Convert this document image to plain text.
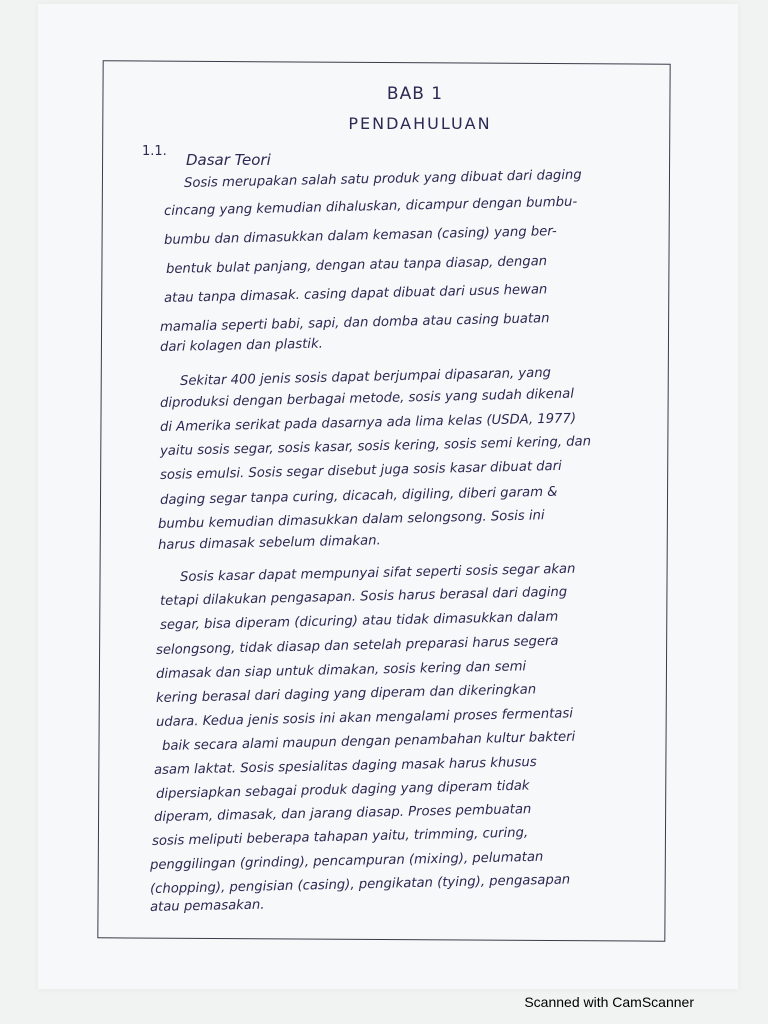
BAB 1
PENDAHULUAN
1.1. Dasar Teori
Sosis merupakan salah satu produk yang dibuat dari daging
cincang yang kemudian dihaluskan, dicampur dengan bumbu-
bumbu dan dimasukkan dalam kemasan (casing) yang ber-
bentuk bulat panjang, dengan atau tanpa diasap, dengan
atau tanpa dimasak. casing dapat dibuat dari usus hewan
mamalia seperti babi, sapi, dan domba atau casing buatan
dari kolagen dan plastik.
Sekitar 400 jenis sosis dapat berjumpai dipasaran, yang
diproduksi dengan berbagai metode, sosis yang sudah dikenal
di Amerika serikat pada dasarnya ada lima kelas (USDA, 1977)
yaitu sosis segar, sosis kasar, sosis kering, sosis semi kering, dan
sosis emulsi. Sosis segar disebut juga sosis kasar dibuat dari
daging segar tanpa curing, dicacah, digiling, diberi garam &
bumbu kemudian dimasukkan dalam selongsong. Sosis ini
harus dimasak sebelum dimakan.
Sosis kasar dapat mempunyai sifat seperti sosis segar akan
tetapi dilakukan pengasapan. Sosis harus berasal dari daging
segar, bisa diperam (dicuring) atau tidak dimasukkan dalam
selongsong, tidak diasap dan setelah preparasi harus segera
dimasak dan siap untuk dimakan, sosis kering dan semi
kering berasal dari daging yang diperam dan dikeringkan
udara. Kedua jenis sosis ini akan mengalami proses fermentasi
baik secara alami maupun dengan penambahan kultur bakteri
asam laktat. Sosis spesialitas daging masak harus khusus
dipersiapkan sebagai produk daging yang diperam tidak
diperam, dimasak, dan jarang diasap. Proses pembuatan
sosis meliputi beberapa tahapan yaitu, trimming, curing,
penggilingan (grinding), pencampuran (mixing), pelumatan
(chopping), pengisian (casing), pengikatan (tying), pengasapan
atau pemasakan.
Scanned with CamScanner
